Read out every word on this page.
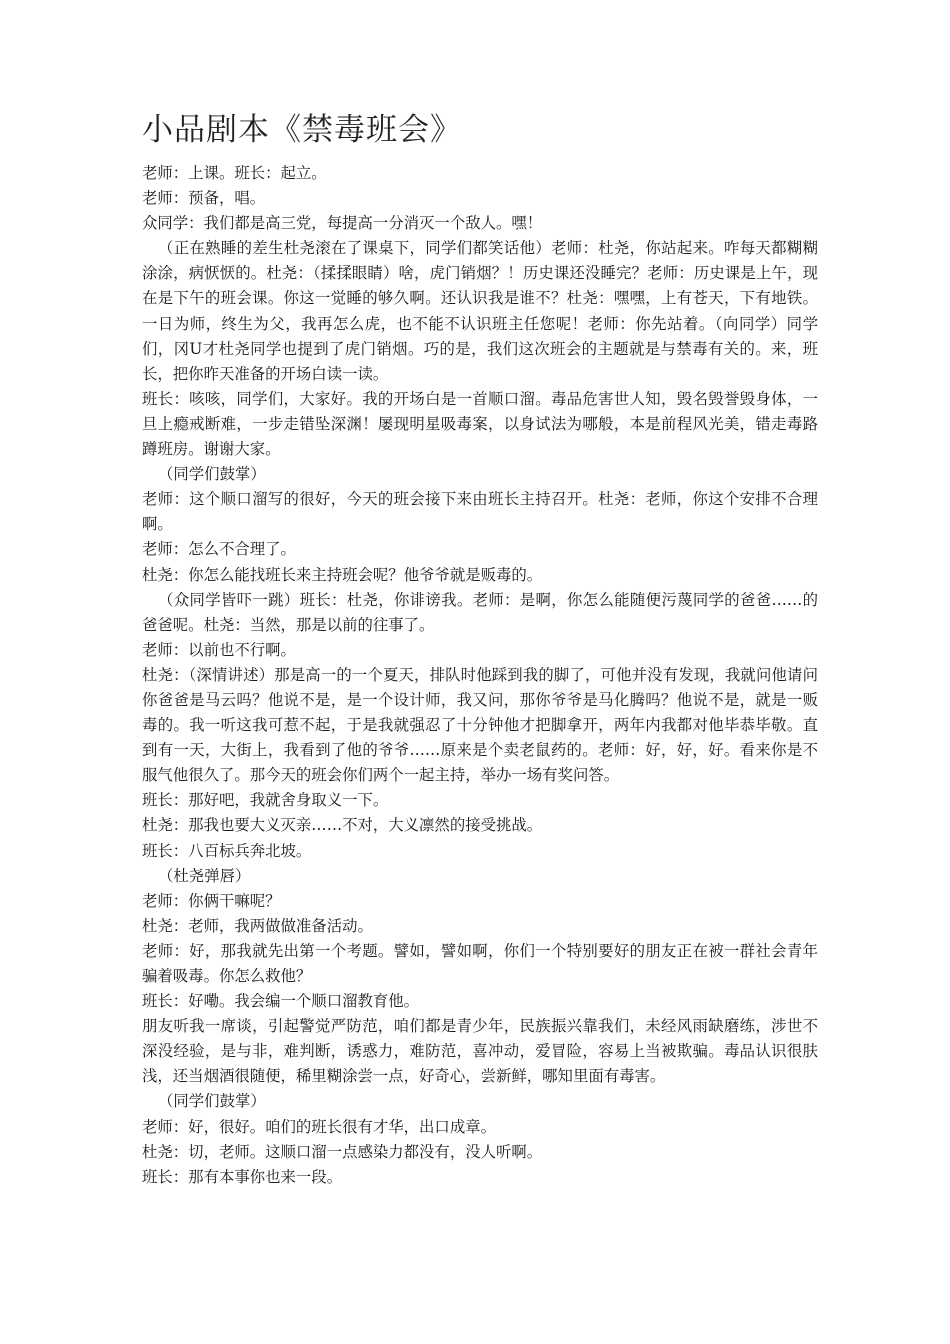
小品剧本《禁毒班会》

老师：上课。班长：起立。

老师：预备，唱。

众同学：我们都是高三党，每提高一分消灭一个敌人。嘿！

（正在熟睡的差生杜尧滚在了课桌下，同学们都笑话他）老师：杜尧，你站起来。咋每天都糊糊涂涂，病恹恹的。杜尧：（揉揉眼睛）啥，虎门销烟？！历史课还没睡完？老师：历史课是上午，现在是下午的班会课。你这一觉睡的够久啊。还认识我是谁不？杜尧：嘿嘿，上有苍天，下有地铁。一日为师，终生为父，我再怎么虎，也不能不认识班主任您呢！老师：你先站着。（向同学）同学们，冈U才杜尧同学也提到了虎门销烟。巧的是，我们这次班会的主题就是与禁毒有关的。来，班长，把你昨天准备的开场白读一读。

班长：咳咳，同学们，大家好。我的开场白是一首顺口溜。毒品危害世人知，毁名毁誉毁身体，一旦上瘾戒断难，一步走错坠深渊！屡现明星吸毒案，以身试法为哪般，本是前程风光美，错走毒路蹲班房。谢谢大家。

（同学们鼓掌）

老师：这个顺口溜写的很好，今天的班会接下来由班长主持召开。杜尧：老师，你这个安排不合理啊。

老师：怎么不合理了。

杜尧：你怎么能找班长来主持班会呢？他爷爷就是贩毒的。

（众同学皆吓一跳）班长：杜尧，你诽谤我。老师：是啊，你怎么能随便污蔑同学的爸爸……的爸爸呢。杜尧：当然，那是以前的往事了。

老师：以前也不行啊。

杜尧：（深情讲述）那是高一的一个夏天，排队时他踩到我的脚了，可他并没有发现，我就问他请问你爸爸是马云吗？他说不是，是一个设计师，我又问，那你爷爷是马化腾吗？他说不是，就是一贩毒的。我一听这我可惹不起，于是我就强忍了十分钟他才把脚拿开，两年内我都对他毕恭毕敬。直到有一天，大街上，我看到了他的爷爷……原来是个卖老鼠药的。老师：好，好，好。看来你是不服气他很久了。那今天的班会你们两个一起主持，举办一场有奖问答。

班长：那好吧，我就舍身取义一下。

杜尧：那我也要大义灭亲……不对，大义凛然的接受挑战。

班长：八百标兵奔北坡。

（杜尧弹唇）

老师：你俩干嘛呢？

杜尧：老师，我两做做准备活动。

老师：好，那我就先出第一个考题。譬如，譬如啊，你们一个特别要好的朋友正在被一群社会青年骗着吸毒。你怎么救他？

班长：好嘞。我会编一个顺口溜教育他。

朋友听我一席谈，引起警觉严防范，咱们都是青少年，民族振兴靠我们，未经风雨缺磨练，涉世不深没经验，是与非，难判断，诱惑力，难防范，喜冲动，爱冒险，容易上当被欺骗。毒品认识很肤浅，还当烟酒很随便，稀里糊涂尝一点，好奇心，尝新鲜，哪知里面有毒害。

（同学们鼓掌）

老师：好，很好。咱们的班长很有才华，出口成章。

杜尧：切，老师。这顺口溜一点感染力都没有，没人听啊。

班长：那有本事你也来一段。
